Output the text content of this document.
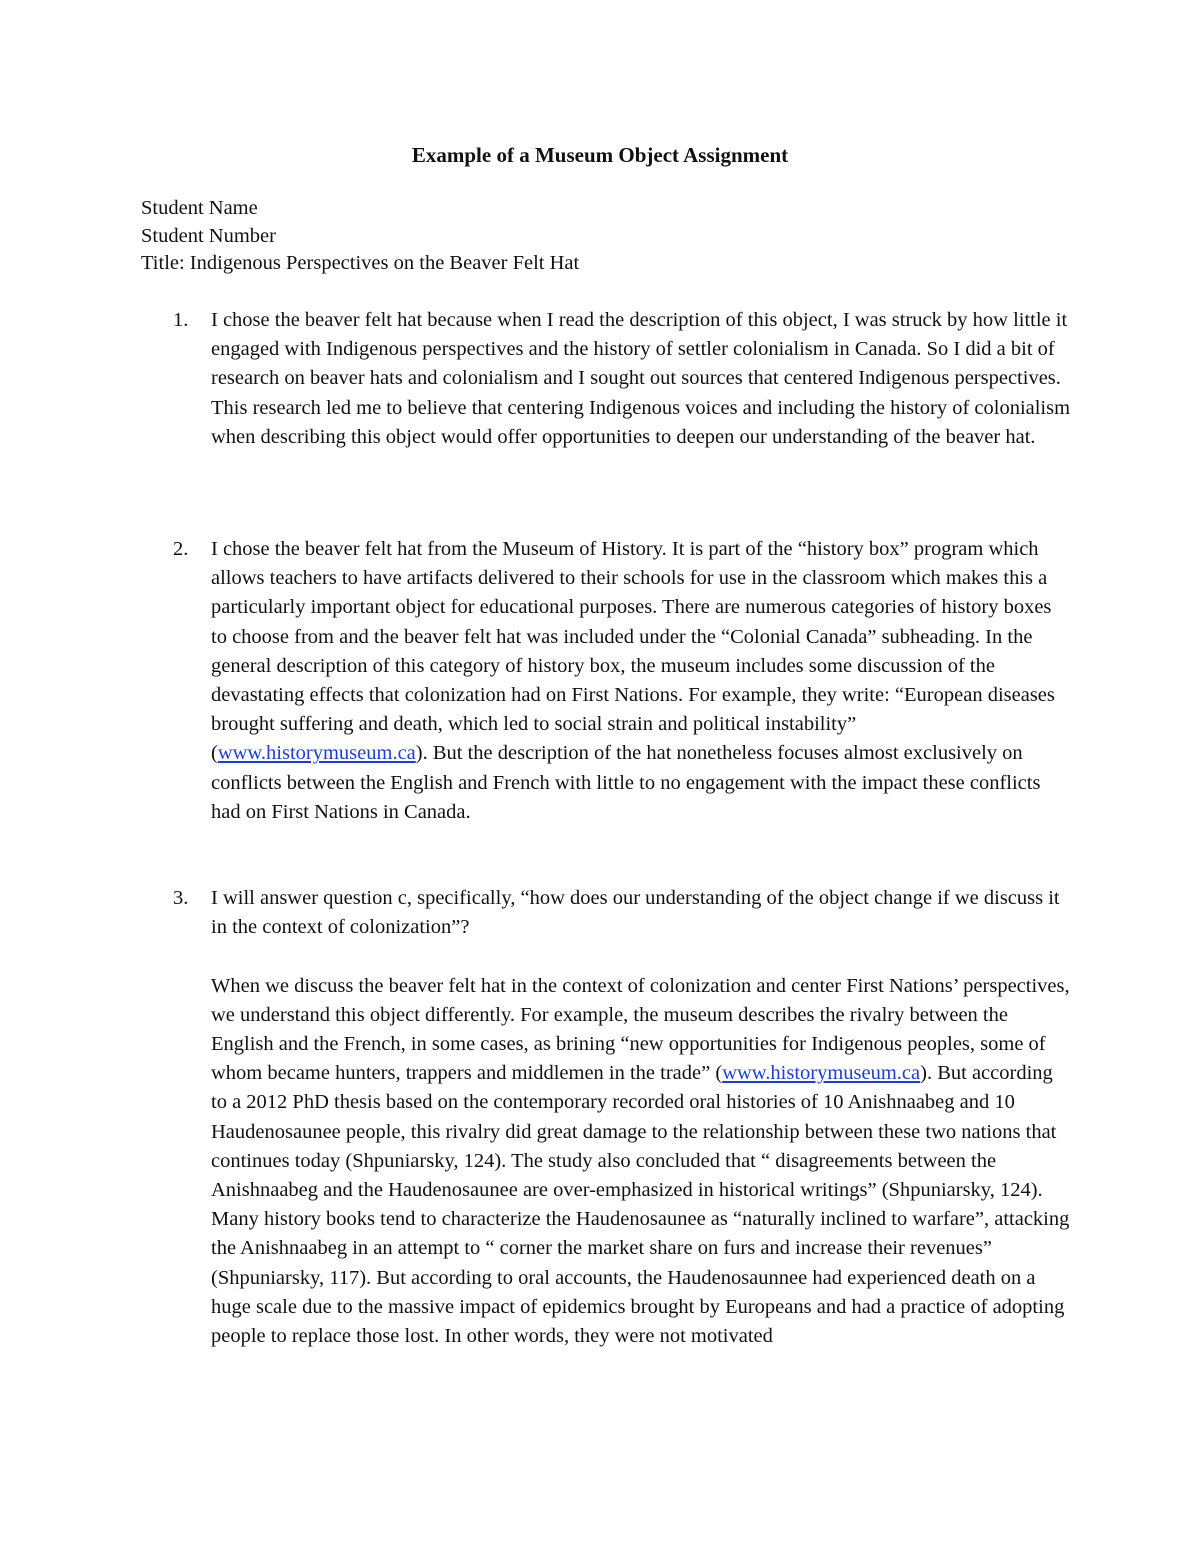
Example of a Museum Object Assignment
Student Name
Student Number
Title: Indigenous Perspectives on the Beaver Felt Hat
1.	I chose the beaver felt hat because when I read the description of this object, I was struck by how little it engaged with Indigenous perspectives and the history of settler colonialism in Canada. So I did a bit of research on beaver hats and colonialism and I sought out sources that centered Indigenous perspectives. This research led me to believe that centering Indigenous voices and including the history of colonialism when describing this object would offer opportunities to deepen our understanding of the beaver hat.

2.	I chose the beaver felt hat from the Museum of History. It is part of the “history box” program which allows teachers to have artifacts delivered to their schools for use in the classroom which makes this a particularly important object for educational purposes. There are numerous categories of history boxes to choose from and the beaver felt hat was included under the “Colonial Canada” subheading. In the general description of this category of history box, the museum includes some discussion of the devastating effects that colonization had on First Nations. For example, they write: “European diseases brought suffering and death, which led to social strain and political instability” (www.historymuseum.ca). But the description of the hat nonetheless focuses almost exclusively on conflicts between the English and French with little to no engagement with the impact these conflicts had on First Nations in Canada.

3.	I will answer question c, specifically, “how does our understanding of the object change if we discuss it in the context of colonization”?

When we discuss the beaver felt hat in the context of colonization and center First Nations’ perspectives, we understand this object differently. For example, the museum describes the rivalry between the English and the French, in some cases, as brining “new opportunities for Indigenous peoples, some of whom became hunters, trappers and middlemen in the trade” (www.historymuseum.ca). But according to a 2012 PhD thesis based on the contemporary recorded oral histories of 10 Anishnaabeg and 10 Haudenosaunee people, this rivalry did great damage to the relationship between these two nations that continues today (Shpuniarsky, 124). The study also concluded that “ disagreements between the Anishnaabeg and the Haudenosaunee are over-emphasized in historical writings” (Shpuniarsky, 124). Many history books tend to characterize the Haudenosaunee as “naturally inclined to warfare”, attacking the Anishnaabeg in an attempt to “ corner the market share on furs and increase their revenues” (Shpuniarsky, 117). But according to oral accounts, the Haudenosaunnee had experienced death on a huge scale due to the massive impact of epidemics brought by Europeans and had a practice of adopting people to replace those lost. In other words, they were not motivated
